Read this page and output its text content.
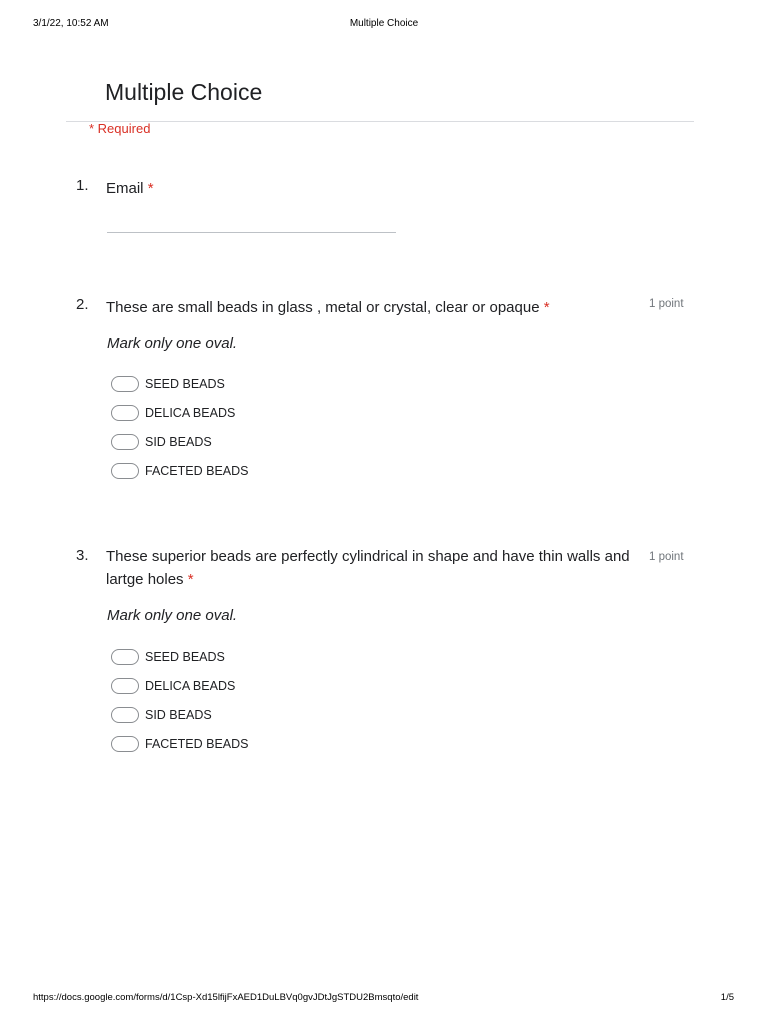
3/1/22, 10:52 AM	Multiple Choice
Multiple Choice
* Required
1. Email *
2. These are small beads in glass , metal or crystal, clear or opaque *	1 point
Mark only one oval.
SEED BEADS
DELICA BEADS
SID BEADS
FACETED BEADS
3. These superior beads are perfectly cylindrical in shape and have thin walls and lartge holes *
1 point
Mark only one oval.
SEED BEADS
DELICA BEADS
SID BEADS
FACETED BEADS
https://docs.google.com/forms/d/1Csp-Xd15lfijFxAED1DuLBVq0gvJDtJgSTDU2Bmsqto/edit	1/5
